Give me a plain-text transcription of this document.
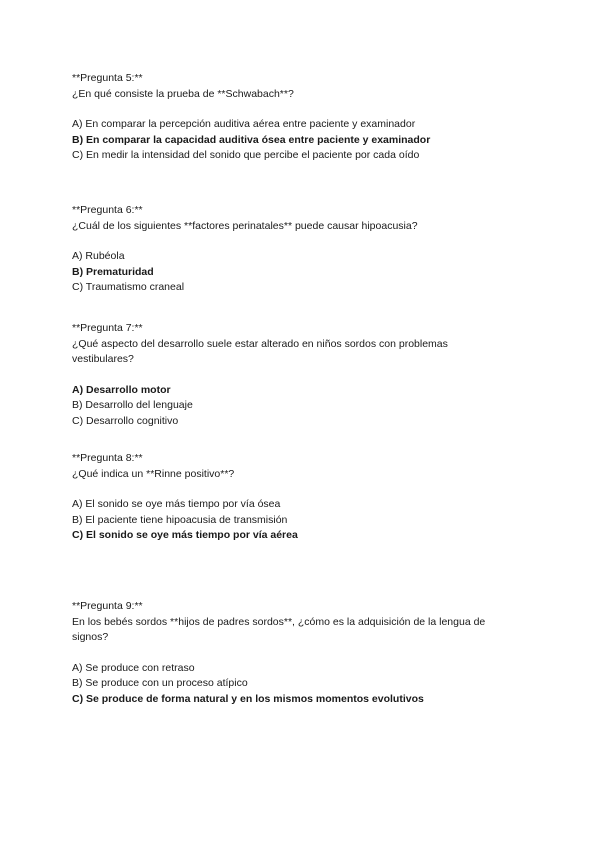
**Pregunta 5:**
¿En qué consiste la prueba de **Schwabach**?
A) En comparar la percepción auditiva aérea entre paciente y examinador
B) En comparar la capacidad auditiva ósea entre paciente y examinador
C) En medir la intensidad del sonido que percibe el paciente por cada oído
**Pregunta 6:**
¿Cuál de los siguientes **factores perinatales** puede causar hipoacusia?
A) Rubéola
B) Prematuridad
C) Traumatismo craneal
**Pregunta 7:**
¿Qué aspecto del desarrollo suele estar alterado en niños sordos con problemas vestibulares?
A) Desarrollo motor
B) Desarrollo del lenguaje
C) Desarrollo cognitivo
**Pregunta 8:**
¿Qué indica un **Rinne positivo**?
A) El sonido se oye más tiempo por vía ósea
B) El paciente tiene hipoacusia de transmisión
C) El sonido se oye más tiempo por vía aérea
**Pregunta 9:**
En los bebés sordos **hijos de padres sordos**, ¿cómo es la adquisición de la lengua de signos?
A) Se produce con retraso
B) Se produce con un proceso atípico
C) Se produce de forma natural y en los mismos momentos evolutivos
